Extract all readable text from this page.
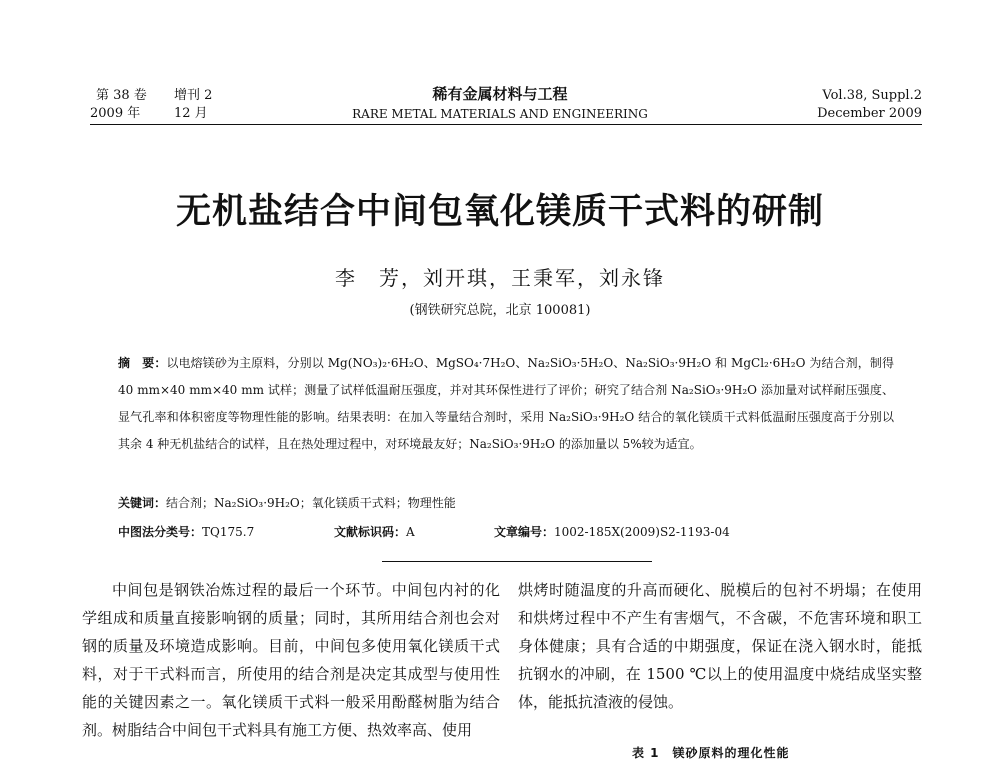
第 38 卷 增刊 2
2009 年	12 月
稀有金属材料与工程
RARE METAL MATERIALS AND ENGINEERING
Vol.38, Suppl.2
December 2009
无机盐结合中间包氧化镁质干式料的研制
李　芳，刘开琪，王秉军，刘永锋
(钢铁研究总院，北京 100081)
摘　要：以电熔镁砂为主原料，分别以 Mg(NO₃)₂·6H₂O、MgSO₄·7H₂O、Na₂SiO₃·5H₂O、Na₂SiO₃·9H₂O 和 MgCl₂·6H₂O 为结合剂，制得 40 mm×40 mm×40 mm 试样；测量了试样低温耐压强度，并对其环保性进行了评价；研究了结合剂 Na₂SiO₃·9H₂O 添加量对试样耐压强度、显气孔率和体积密度等物理性能的影响。结果表明：在加入等量结合剂时，采用 Na₂SiO₃·9H₂O 结合的氧化镁质干式料低温耐压强度高于分别以其余 4 种无机盐结合的试样，且在热处理过程中，对环境最友好；Na₂SiO₃·9H₂O 的添加量以 5%较为适宜。
关键词：结合剂；Na₂SiO₃·9H₂O；氧化镁质干式料；物理性能
中图法分类号：TQ175.7	文献标识码：A	文章编号：1002-185X(2009)S2-1193-04

中间包是钢铁冶炼过程的最后一个环节。中间包内衬的化学组成和质量直接影响钢的质量；同时，其所用结合剂也会对钢的质量及环境造成影响。目前，中间包多使用氧化镁质干式料，对于干式料而言，所使用的结合剂是决定其成型与使用性能的关键因素之一。氧化镁质干式料一般采用酚醛树脂为结合剂。树脂结合中间包干式料具有施工方便、热效率高、使用

烘烤时随温度的升高而硬化、脱模后的包衬不坍塌；在使用和烘烤过程中不产生有害烟气，不含碳，不危害环境和职工身体健康；具有合适的中期强度，保证在浇入钢水时，能抵抗钢水的冲刷，在 1500 ℃以上的使用温度中烧结成坚实整体，能抵抗渣液的侵蚀。

表 1　镁砂原料的理化性能
